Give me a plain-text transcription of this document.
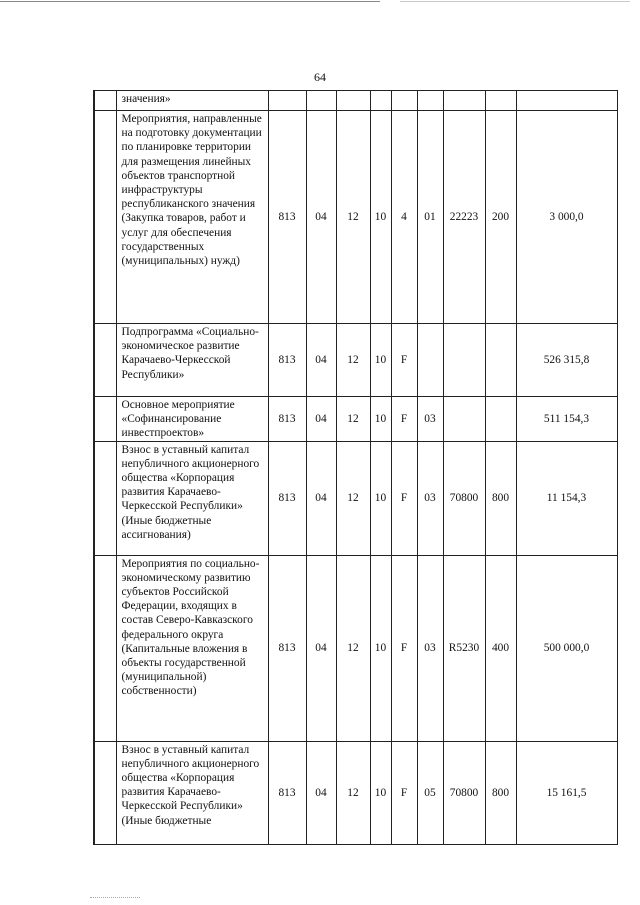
64
	значения»									
	Мероприятия, направленные на подготовку документации по планировке территории для размещения линейных объектов транспортной инфраструктуры республиканского значения (Закупка товаров, работ и услуг для обеспечения государственных (муниципальных) нужд)	813	04	12	10	4	01	22223	200	3 000,0
	Подпрограмма «Социально-экономическое развитие Карачаево-Черкесской Республики»	813	04	12	10	F				526 315,8
	Основное мероприятие «Софинансирование инвестпроектов»	813	04	12	10	F	03			511 154,3
	Взнос в уставный капитал непубличного акционерного общества «Корпорация развития Карачаево-Черкесской Республики» (Иные бюджетные ассигнования)	813	04	12	10	F	03	70800	800	11 154,3
	Мероприятия по социально-экономическому развитию субъектов Российской Федерации, входящих в состав Северо-Кавказского федерального округа (Капитальные вложения в объекты государственной (муниципальной) собственности)	813	04	12	10	F	03	R5230	400	500 000,0
	Взнос в уставный капитал непубличного акционерного общества «Корпорация развития Карачаево-Черкесской Республики» (Иные бюджетные	813	04	12	10	F	05	70800	800	15 161,5
